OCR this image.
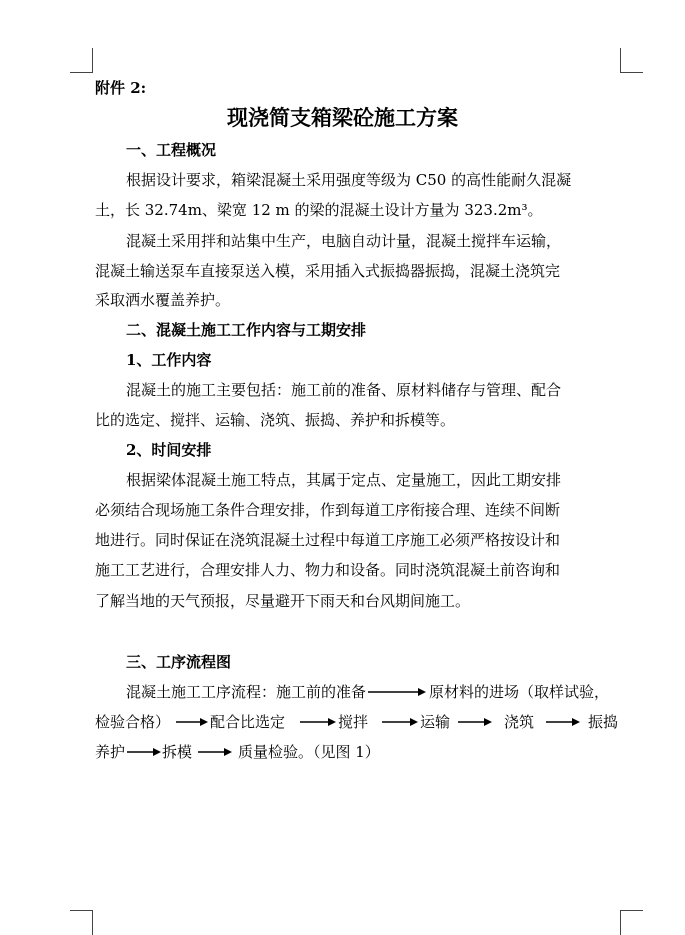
附件 2:
现浇简支箱梁砼施工方案
一、工程概况
根据设计要求，箱梁混凝土采用强度等级为 C50 的高性能耐久混凝
土，长 32.74m、梁宽 12 m 的梁的混凝土设计方量为 323.2m³。
混凝土采用拌和站集中生产，电脑自动计量，混凝土搅拌车运输，
混凝土输送泵车直接泵送入模，采用插入式振捣器振捣，混凝土浇筑完
采取洒水覆盖养护。
二、混凝土施工工作内容与工期安排
1、工作内容
混凝土的施工主要包括：施工前的准备、原材料储存与管理、配合
比的选定、搅拌、运输、浇筑、振捣、养护和拆模等。
2、时间安排
根据梁体混凝土施工特点，其属于定点、定量施工，因此工期安排
必须结合现场施工条件合理安排，作到每道工序衔接合理、连续不间断
地进行。同时保证在浇筑混凝土过程中每道工序施工必须严格按设计和
施工工艺进行，合理安排人力、物力和设备。同时浇筑混凝土前咨询和
了解当地的天气预报，尽量避开下雨天和台风期间施工。
三、工序流程图
混凝土施工工序流程：施工前的准备	原材料的进场（取样试验，
检验合格）	配合比选定	搅拌	运输	浇筑	振捣
养护 拆模	质量检验。（见图 1）
